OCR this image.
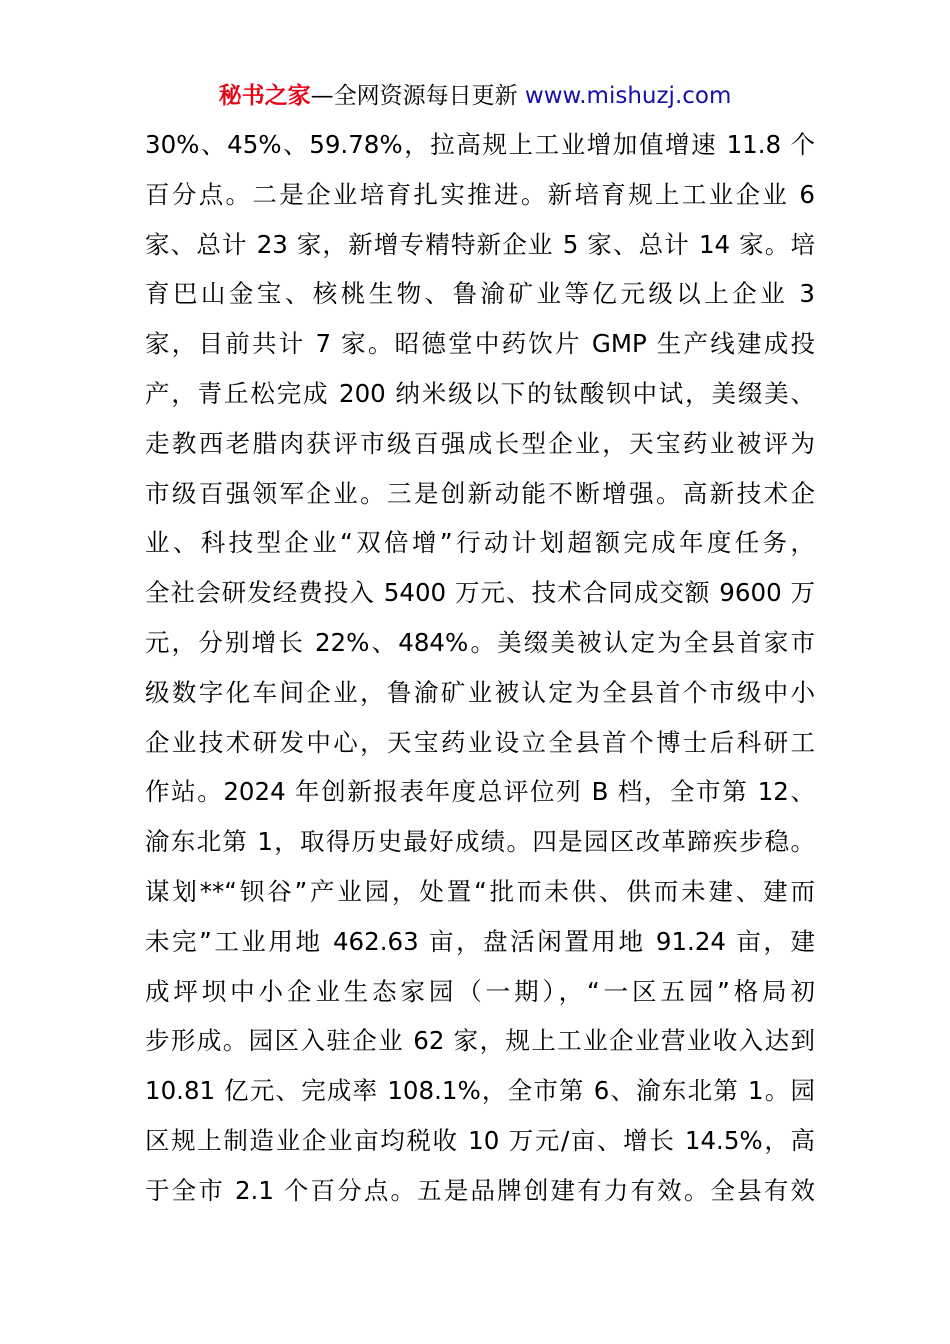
秘书之家—全网资源每日更新 www.mishuzj.com
30%、45%、59.78%，拉高规上工业增加值增速 11.8 个
百分点。二是企业培育扎实推进。新培育规上工业企业 6
家、总计 23 家，新增专精特新企业 5 家、总计 14 家。培
育巴山金宝、核桃生物、鲁渝矿业等亿元级以上企业 3
家，目前共计 7 家。昭德堂中药饮片 GMP 生产线建成投
产，青丘松完成 200 纳米级以下的钛酸钡中试，美缀美、
走教西老腊肉获评市级百强成长型企业，天宝药业被评为
市级百强领军企业。三是创新动能不断增强。高新技术企
业、科技型企业“双倍增”行动计划超额完成年度任务，
全社会研发经费投入 5400 万元、技术合同成交额 9600 万
元，分别增长 22%、484%。美缀美被认定为全县首家市
级数字化车间企业，鲁渝矿业被认定为全县首个市级中小
企业技术研发中心，天宝药业设立全县首个博士后科研工
作站。2024 年创新报表年度总评位列 B 档，全市第 12、
渝东北第 1，取得历史最好成绩。四是园区改革蹄疾步稳。
谋划**“钡谷”产业园，处置“批而未供、供而未建、建而
未完”工业用地 462.63 亩，盘活闲置用地 91.24 亩，建
成坪坝中小企业生态家园（一期），“一区五园”格局初
步形成。园区入驻企业 62 家，规上工业企业营业收入达到
10.81 亿元、完成率 108.1%，全市第 6、渝东北第 1。园
区规上制造业企业亩均税收 10 万元/亩、增长 14.5%，高
于全市 2.1 个百分点。五是品牌创建有力有效。全县有效
